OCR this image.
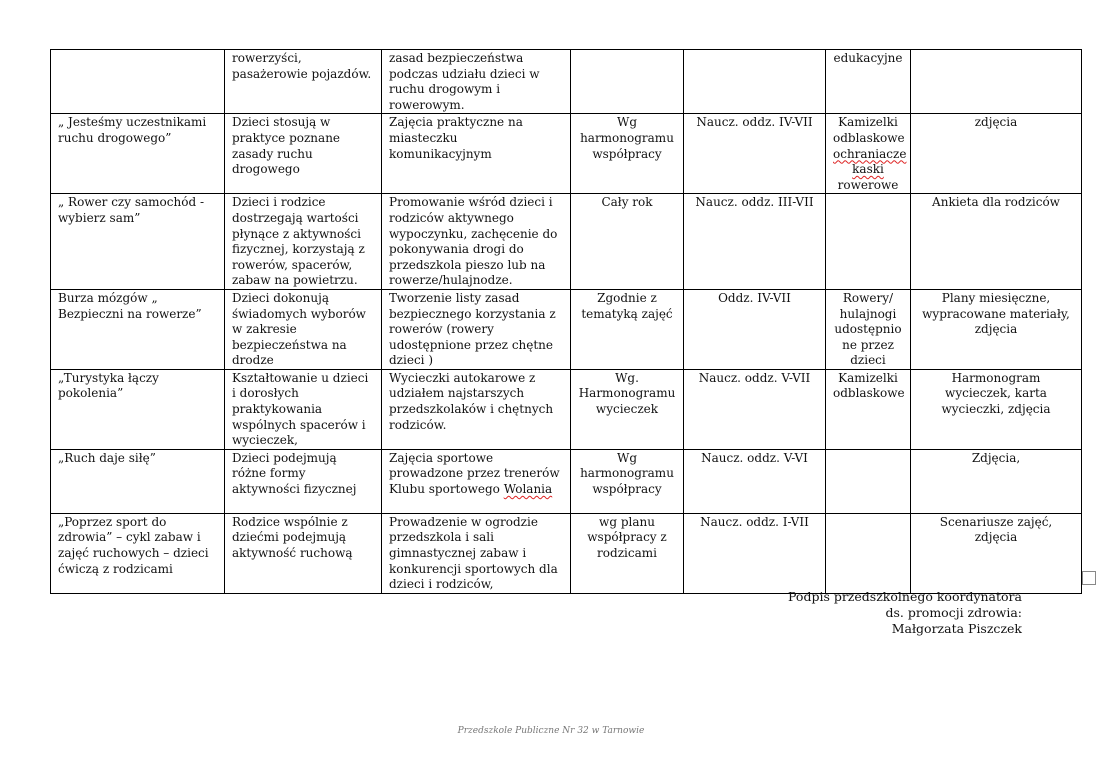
	rowerzyści, pasażerowie pojazdów.	zasad bezpieczeństwa podczas udziału dzieci w ruchu drogowym i rowerowym.			edukacyjne	
„ Jesteśmy uczestnikami ruchu drogowego”	Dzieci stosują w praktyce poznane zasady ruchu drogowego	Zajęcia praktyczne na miasteczku komunikacyjnym	Wg harmonogramu współpracy	Naucz. oddz. IV-VII	Kamizelki odblaskowe ochraniacze kaski rowerowe	zdjęcia
„ Rower czy samochód - wybierz sam”	Dzieci i rodzice dostrzegają wartości płynące z aktywności fizycznej, korzystają z rowerów, spacerów, zabaw na powietrzu.	Promowanie wśród dzieci i rodziców aktywnego wypoczynku, zachęcenie do pokonywania drogi do przedszkola pieszo lub na rowerze/hulajnodze.	Cały rok	Naucz. oddz. III-VII		Ankieta dla rodziców
Burza mózgów „ Bezpieczni na rowerze”	Dzieci dokonują świadomych wyborów w zakresie bezpieczeństwa na drodze	Tworzenie listy zasad bezpiecznego korzystania z rowerów (rowery udostępnione przez chętne dzieci )	Zgodnie z tematyką zajęć	Oddz. IV-VII	Rowery/ hulajnogi udostępnio ne przez dzieci	Plany miesięczne, wypracowane materiały, zdjęcia
„Turystyka łączy pokolenia”	Kształtowanie u dzieci i dorosłych praktykowania wspólnych spacerów i wycieczek,	Wycieczki autokarowe z udziałem najstarszych przedszkolaków i chętnych rodziców.	Wg. Harmonogramu wycieczek	Naucz. oddz. V-VII	Kamizelki odblaskowe	Harmonogram wycieczek, karta wycieczki, zdjęcia
„Ruch daje siłę”	Dzieci podejmują różne formy aktywności fizycznej	Zajęcia sportowe prowadzone przez trenerów Klubu sportowego Wolania	Wg harmonogramu współpracy	Naucz. oddz. V-VI		Zdjęcia,
„Poprzez sport do zdrowia” – cykl zabaw i zajęć ruchowych – dzieci ćwiczą z rodzicami	Rodzice wspólnie z dziećmi podejmują aktywność ruchową	Prowadzenie w ogrodzie przedszkola i sali gimnastycznej zabaw i konkurencji sportowych dla dzieci i rodziców,	wg planu współpracy z rodzicami	Naucz. oddz. I-VII		Scenariusze zajęć, zdjęcia
Podpis przedszkolnego koordynatora
ds. promocji zdrowia:
Małgorzata Piszczek
Przedszkole Publiczne Nr 32 w Tarnowie
